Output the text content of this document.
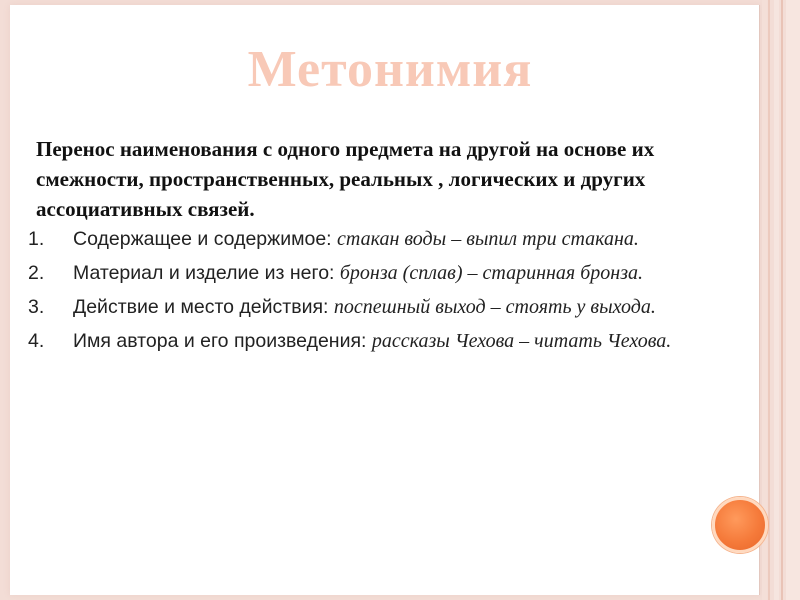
Метонимия
Перенос наименования с одного предмета на другой на основе их смежности, пространственных, реальных , логических и других ассоциативных связей.
1. Содержащее и содержимое: стакан воды – выпил три стакана.
2. Материал и изделие из него: бронза (сплав) – старинная бронза.
3. Действие и место действия: поспешный выход – стоять у выхода.
4. Имя автора и его произведения: рассказы Чехова – читать Чехова.
